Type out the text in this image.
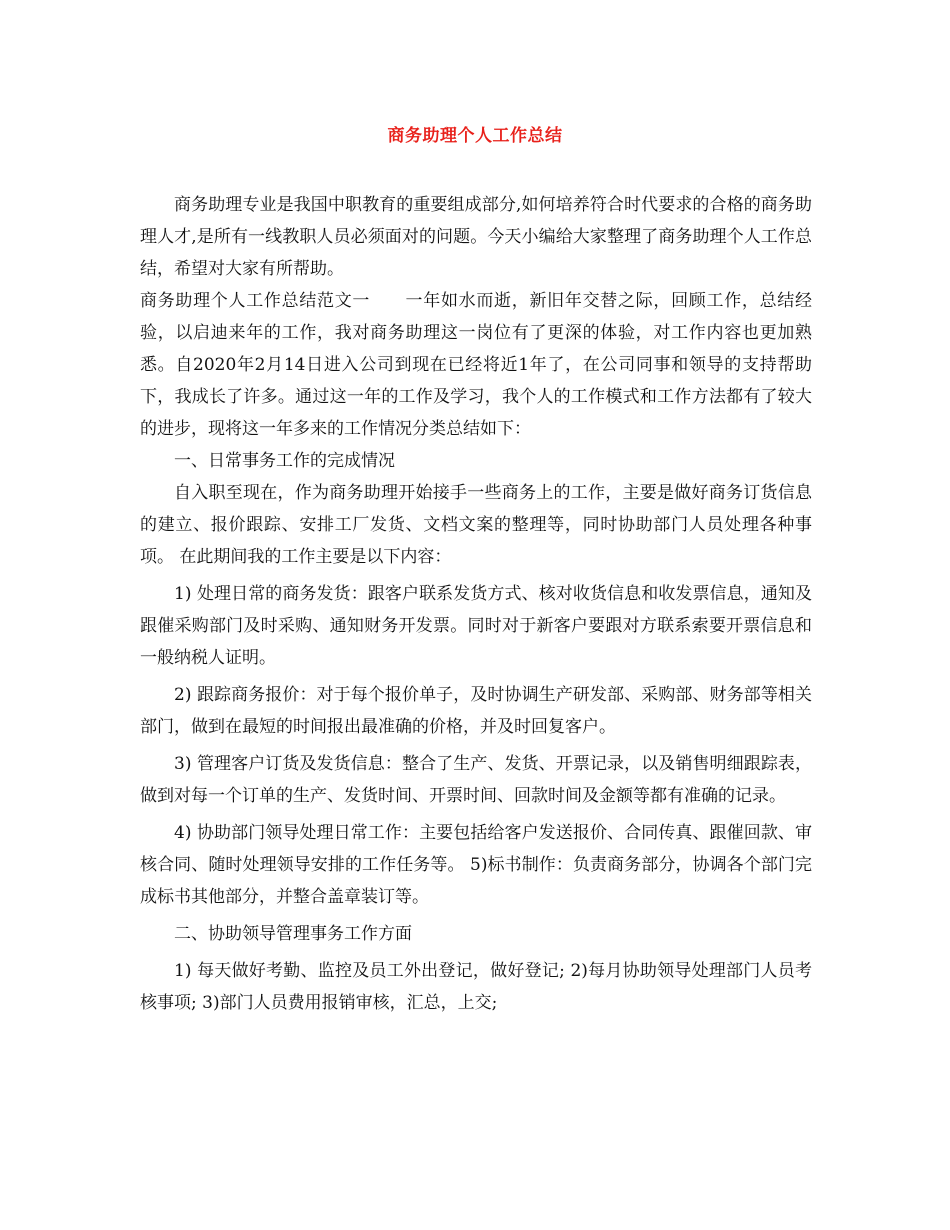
商务助理个人工作总结

商务助理专业是我国中职教育的重要组成部分,如何培养符合时代要求的合格的商务助理人才,是所有一线教职人员必须面对的问题。今天小编给大家整理了商务助理个人工作总结，希望对大家有所帮助。

商务助理个人工作总结范文一　　一年如水而逝，新旧年交替之际，回顾工作，总结经验，以启迪来年的工作，我对商务助理这一岗位有了更深的体验，对工作内容也更加熟悉。自2020年2月14日进入公司到现在已经将近1年了，在公司同事和领导的支持帮助下，我成长了许多。通过这一年的工作及学习，我个人的工作模式和工作方法都有了较大的进步，现将这一年多来的工作情况分类总结如下：

一、日常事务工作的完成情况

自入职至现在，作为商务助理开始接手一些商务上的工作，主要是做好商务订货信息的建立、报价跟踪、安排工厂发货、文档文案的整理等，同时协助部门人员处理各种事项。 在此期间我的工作主要是以下内容：

1) 处理日常的商务发货：跟客户联系发货方式、核对收货信息和收发票信息，通知及跟催采购部门及时采购、通知财务开发票。同时对于新客户要跟对方联系索要开票信息和一般纳税人证明。

2) 跟踪商务报价：对于每个报价单子，及时协调生产研发部、采购部、财务部等相关部门，做到在最短的时间报出最准确的价格，并及时回复客户。

3) 管理客户订货及发货信息：整合了生产、发货、开票记录，以及销售明细跟踪表，做到对每一个订单的生产、发货时间、开票时间、回款时间及金额等都有准确的记录。

4) 协助部门领导处理日常工作：主要包括给客户发送报价、合同传真、跟催回款、审核合同、随时处理领导安排的工作任务等。 5)标书制作：负责商务部分，协调各个部门完成标书其他部分，并整合盖章装订等。

二、协助领导管理事务工作方面

1) 每天做好考勤、监控及员工外出登记，做好登记; 2)每月协助领导处理部门人员考核事项; 3)部门人员费用报销审核，汇总，上交;
